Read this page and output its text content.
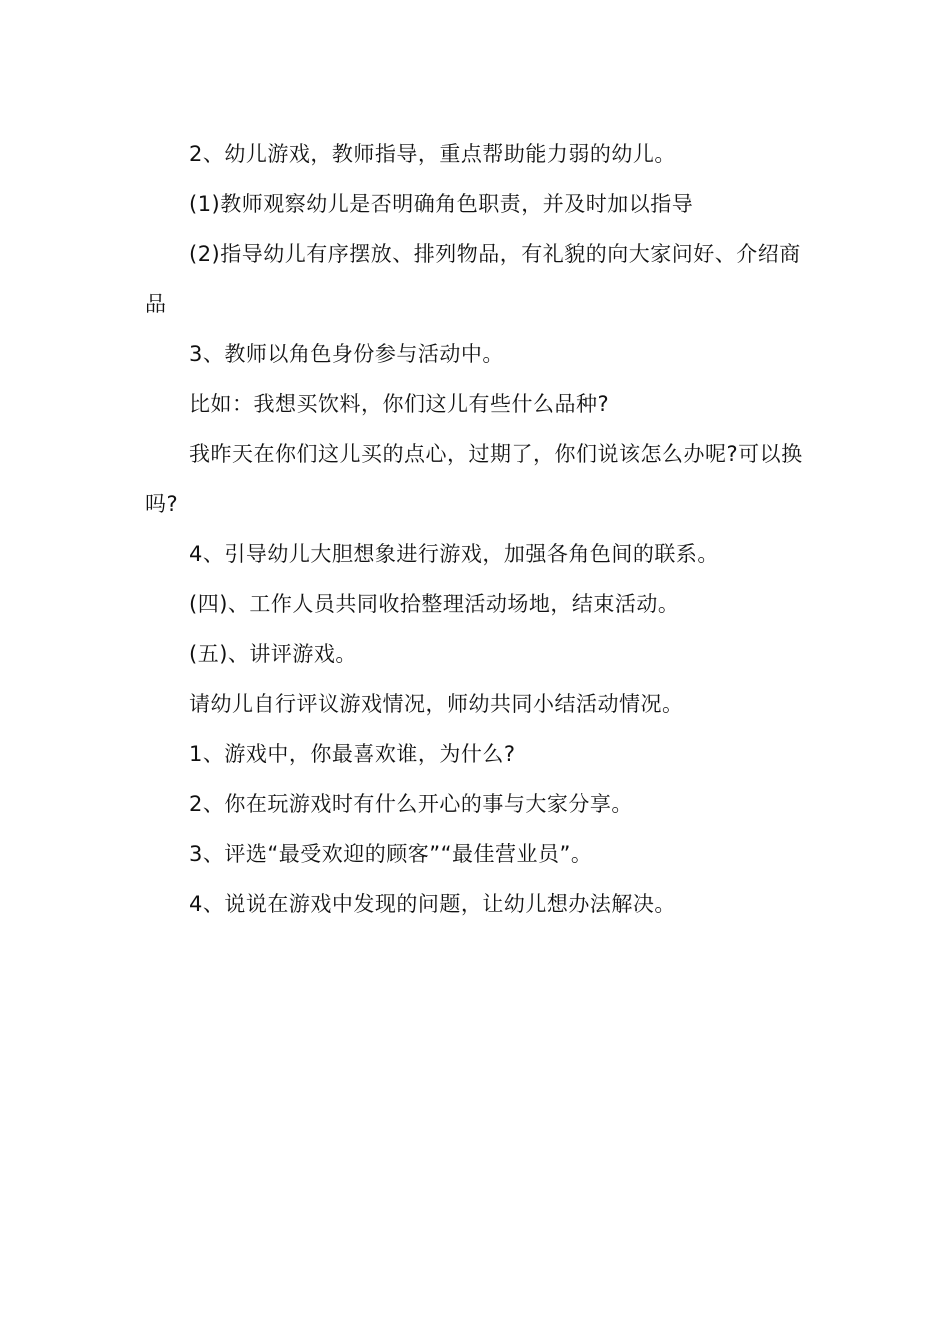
2、幼儿游戏，教师指导，重点帮助能力弱的幼儿。

(1)教师观察幼儿是否明确角色职责，并及时加以指导

(2)指导幼儿有序摆放、排列物品，有礼貌的向大家问好、介绍商品

3、教师以角色身份参与活动中。

比如：我想买饮料，你们这儿有些什么品种?

我昨天在你们这儿买的点心，过期了，你们说该怎么办呢?可以换吗?

4、引导幼儿大胆想象进行游戏，加强各角色间的联系。

(四)、工作人员共同收拾整理活动场地，结束活动。

(五)、讲评游戏。

请幼儿自行评议游戏情况，师幼共同小结活动情况。

1、游戏中，你最喜欢谁，为什么?

2、你在玩游戏时有什么开心的事与大家分享。

3、评选“最受欢迎的顾客”“最佳营业员”。

4、说说在游戏中发现的问题，让幼儿想办法解决。
